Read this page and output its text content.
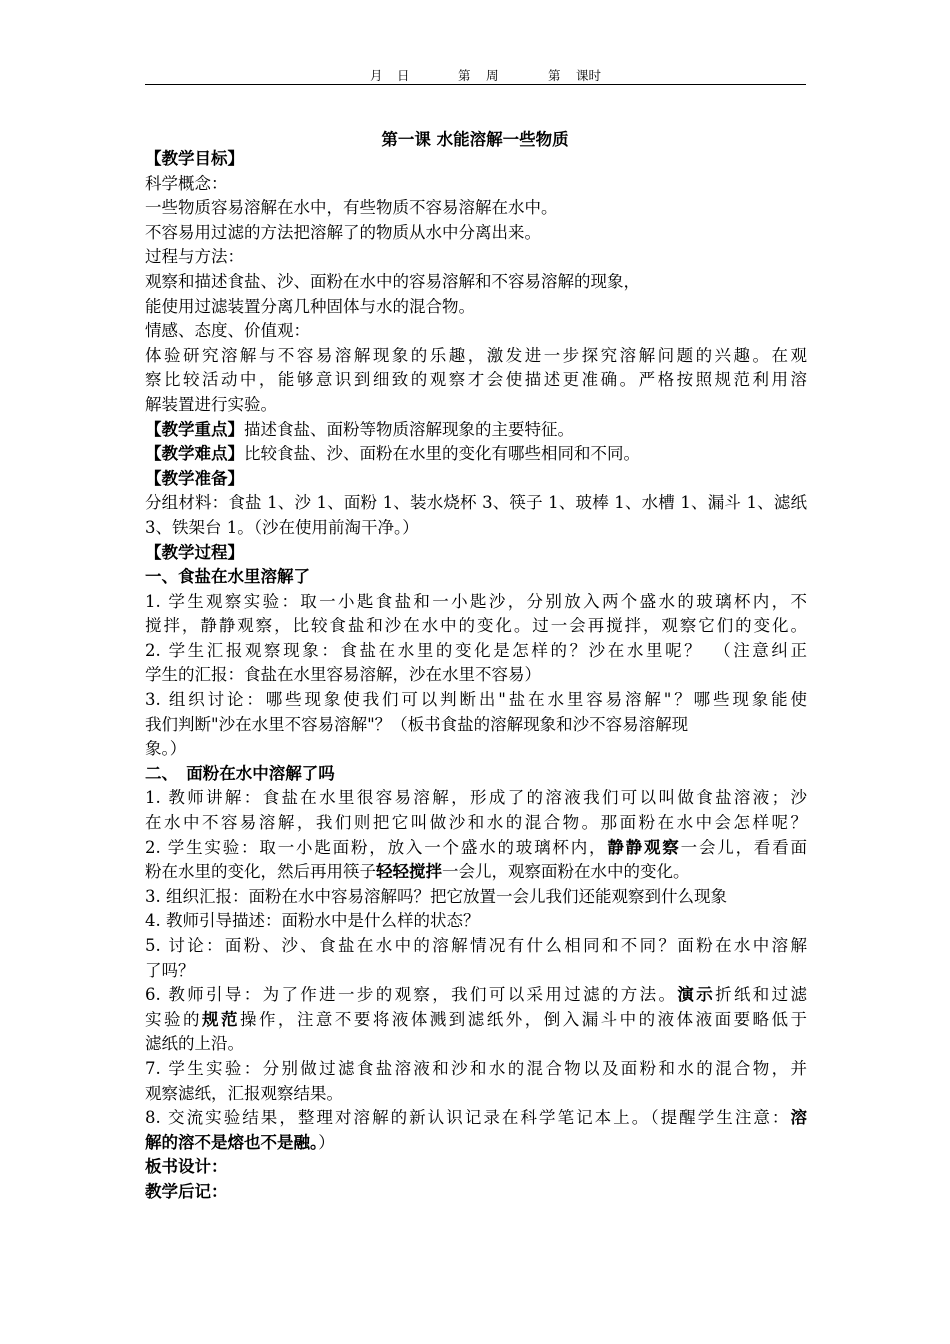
月 日	第 周	第 课时
第一课 水能溶解一些物质
【教学目标】
科学概念：
一些物质容易溶解在水中，有些物质不容易溶解在水中。
不容易用过滤的方法把溶解了的物质从水中分离出来。
过程与方法：
观察和描述食盐、沙、面粉在水中的容易溶解和不容易溶解的现象，
能使用过滤装置分离几种固体与水的混合物。
情感、态度、价值观：
体验研究溶解与不容易溶解现象的乐趣，激发进一步探究溶解问题的兴趣。在观
察比较活动中，能够意识到细致的观察才会使描述更准确。严格按照规范利用溶
解装置进行实验。
【教学重点】描述食盐、面粉等物质溶解现象的主要特征。
【教学难点】比较食盐、沙、面粉在水里的变化有哪些相同和不同。
【教学准备】
分组材料：食盐 1、沙 1、面粉 1、装水烧杯 3、筷子 1、玻棒 1、水槽 1、漏斗 1、滤纸
3、铁架台 1。（沙在使用前淘干净。）
【教学过程】
一、食盐在水里溶解了
1. 学生观察实验：取一小匙食盐和一小匙沙，分别放入两个盛水的玻璃杯内，不
搅拌，静静观察，比较食盐和沙在水中的变化。过一会再搅拌，观察它们的变化。
2. 学生汇报观察现象：食盐在水里的变化是怎样的？沙在水里呢？　（注意纠正
学生的汇报：食盐在水里容易溶解，沙在水里不容易）
3. 组织讨论：哪些现象使我们可以判断出"盐在水里容易溶解"？哪些现象能使
我们判断"沙在水里不容易溶解"？（板书食盐的溶解现象和沙不容易溶解现
象。）
二、　面粉在水中溶解了吗
1. 教师讲解：食盐在水里很容易溶解，形成了的溶液我们可以叫做食盐溶液；沙
在水中不容易溶解，我们则把它叫做沙和水的混合物。那面粉在水中会怎样呢？
2. 学生实验：取一小匙面粉，放入一个盛水的玻璃杯内，静静观察一会儿，看看面
粉在水里的变化，然后再用筷子轻轻搅拌一会儿，观察面粉在水中的变化。
3. 组织汇报：面粉在水中容易溶解吗？把它放置一会儿我们还能观察到什么现象
4. 教师引导描述：面粉水中是什么样的状态？
5. 讨论：面粉、沙、食盐在水中的溶解情况有什么相同和不同？面粉在水中溶解
了吗？
6. 教师引导：为了作进一步的观察，我们可以采用过滤的方法。演示折纸和过滤
实验的规范操作，注意不要将液体溅到滤纸外，倒入漏斗中的液体液面要略低于
滤纸的上沿。
7. 学生实验：分别做过滤食盐溶液和沙和水的混合物以及面粉和水的混合物，并
观察滤纸，汇报观察结果。
8. 交流实验结果，整理对溶解的新认识记录在科学笔记本上。（提醒学生注意：溶
解的溶不是熔也不是融。）
板书设计：
教学后记：
